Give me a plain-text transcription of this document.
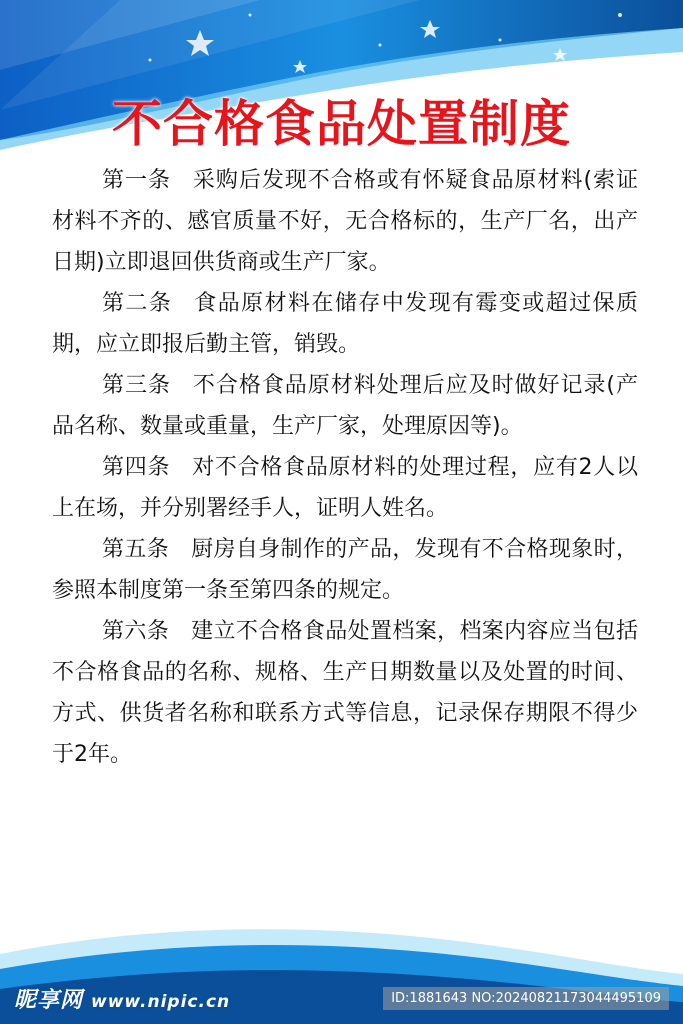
不合格食品处置制度

第一条 采购后发现不合格或有怀疑食品原材料(索证材料不齐的、感官质量不好，无合格标的，生产厂名，出产日期)立即退回供货商或生产厂家。

第二条 食品原材料在储存中发现有霉变或超过保质期，应立即报后勤主管，销毁。

第三条 不合格食品原材料处理后应及时做好记录(产品名称、数量或重量，生产厂家，处理原因等)。

第四条 对不合格食品原材料的处理过程，应有2人以上在场，并分别署经手人，证明人姓名。

第五条 厨房自身制作的产品，发现有不合格现象时，参照本制度第一条至第四条的规定。

第六条 建立不合格食品处置档案，档案内容应当包括不合格食品的名称、规格、生产日期数量以及处置的时间、方式、供货者名称和联系方式等信息，记录保存期限不得少于2年。

昵享网 www.nipic.cn	ID:1881643 NO:20240821173044495109
